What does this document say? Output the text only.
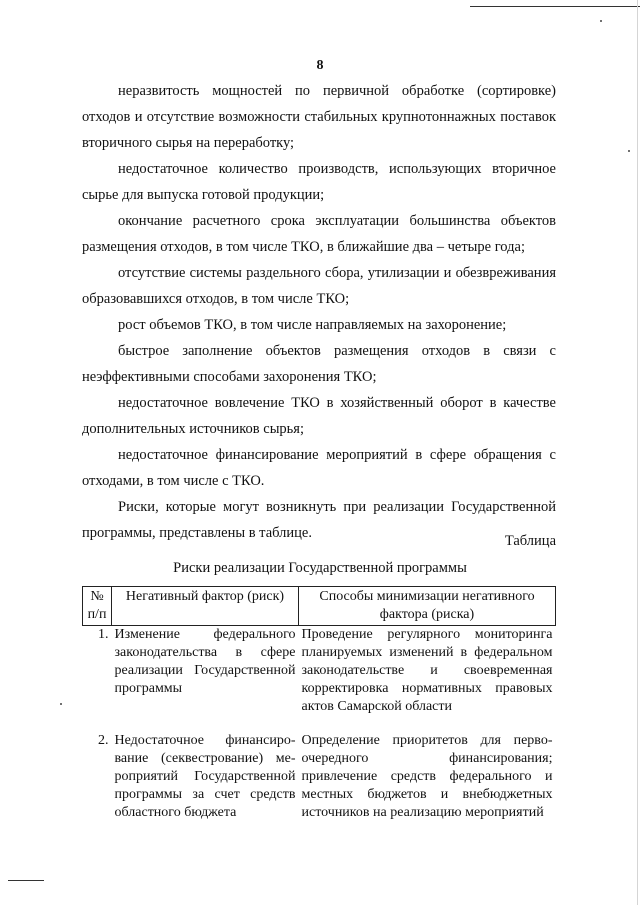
8

неразвитость мощностей по первичной обработке (сортировке) отходов и отсутствие возможности стабильных крупнотоннажных поставок вторичного сырья на переработку;

недостаточное количество производств, использующих вторичное сырье для выпуска готовой продукции;

окончание расчетного срока эксплуатации большинства объектов размещения отходов, в том числе ТКО, в ближайшие два – четыре года;

отсутствие системы раздельного сбора, утилизации и обезвреживания образовавшихся отходов, в том числе ТКО;

рост объемов ТКО, в том числе направляемых на захоронение;

быстрое заполнение объектов размещения отходов в связи с неэффективными способами захоронения ТКО;

недостаточное вовлечение ТКО в хозяйственный оборот в качестве дополнительных источников сырья;

недостаточное финансирование мероприятий в сфере обращения с отходами, в том числе с ТКО.

Риски, которые могут возникнуть при реализации Государственной программы, представлены в таблице.	Таблица
Риски реализации Государственной программы
№ п/п	Негативный фактор (риск)	Способы минимизации негативного фактора (риска)
1.	Изменение федерального законодательства в сфере реализации Государственной программы	Проведение регулярного мониторинга планируемых изменений в федеральном законодательстве и своевременная корректировка нормативных правовых актов Самарской области

2.	Недостаточное финансирование (секвестрование) мероприятий Государственной программы за счет средств областного бюджета	Определение приоритетов для первоочередного финансирования; привлечение средств федерального и местных бюджетов и внебюджетных источников на реализацию мероприятий
